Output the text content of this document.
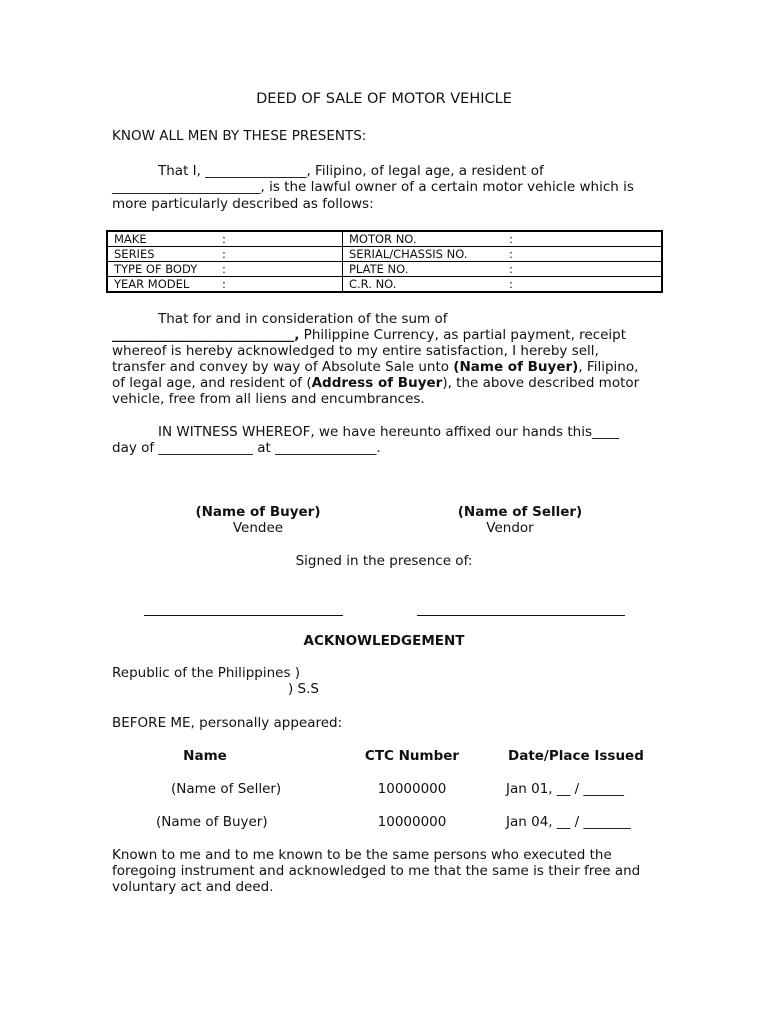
DEED OF SALE OF MOTOR VEHICLE
KNOW ALL MEN BY THESE PRESENTS:
That I, _______________, Filipino, of legal age, a resident of
______________________, is the lawful owner of a certain motor vehicle which is
more particularly described as follows:
MAKE :	MOTOR NO. :
SERIES :	SERIAL/CHASSIS NO. :
TYPE OF BODY :	PLATE NO. :
YEAR MODEL :	C.R. NO. :
That for and in consideration of the sum of
___________________________, Philippine Currency, as partial payment, receipt
whereof is hereby acknowledged to my entire satisfaction, I hereby sell,
transfer and convey by way of Absolute Sale unto (Name of Buyer), Filipino,
of legal age, and resident of (Address of Buyer), the above described motor
vehicle, free from all liens and encumbrances.
IN WITNESS WHEREOF, we have hereunto affixed our hands this____
day of ______________ at _______________.
(Name of Buyer)
Vendee
(Name of Seller)
Vendor
Signed in the presence of:
ACKNOWLEDGEMENT
Republic of the Philippines )
) S.S
BEFORE ME, personally appeared:
Name	CTC Number	Date/Place Issued
(Name of Seller)	10000000	Jan 01, __ / ______
(Name of Buyer)	10000000	Jan 04, __ / _______
Known to me and to me known to be the same persons who executed the
foregoing instrument and acknowledged to me that the same is their free and
voluntary act and deed.
